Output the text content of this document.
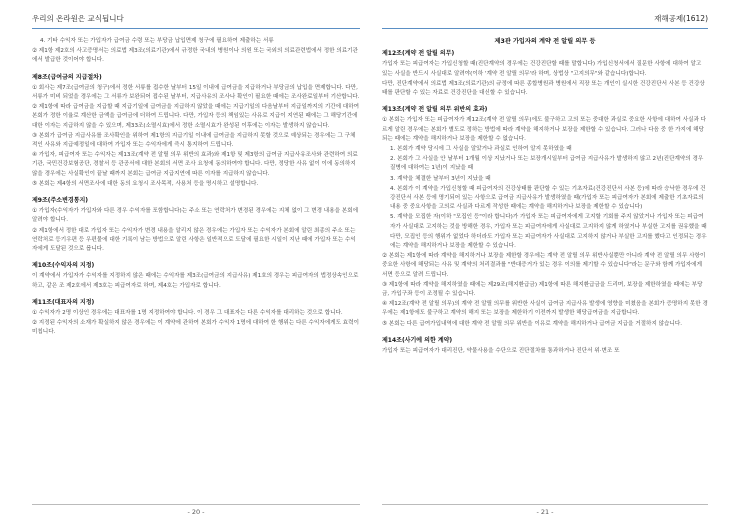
우리의 온라원은 교식됩니다

4. 기타 수익자 또는 가입자가 급여금 수령 또는 부당금 납입면제 청구에 필요하여 제출하는 서류

② 제1항 제2호의 사고증명서는 의료법 제3조(의료기관)에서 규정한 국내의 병원이나 의원 또는 국외의 의료관련법에서 정한 의료기관에서 발급한 것이어야 합니다.

제8조(급여금의 지급절차)

① 회사는 제7조(급여금의 청구)에서 정한 서류를 접수한 날부터 15일 이내에 급여금을 지급하거나 부당금의 납입을 면제합니다. 다만, 서류가 미비 되었을 경우에는 그 서류가 보완되어 접수된 날부터, 지급사유의 조사나 확인이 필요한 때에는 조사완료일부터 기산합니다.

② 제1항에 따라 급여금을 지급할 때 지급기일에 급여금을 지급하지 않았을 때에는 지급기일의 다음날부터 지급일까지의 기간에 대하여 본회가 정한 이율로 계산한 금액을 급여금에 더하여 드립니다. 다만, 가입자 등의 책임있는 사유로 지급이 지연된 때에는 그 해당기간에 대한 이자는 지급하지 않을 수 있으며, 제33조(소멸시효)에서 정한 소멸시효가 완성된 이후에는 이자는 발생하지 않습니다.

③ 본회가 급여금 지급사유를 조사확인을 위하여 제1항의 지급기일 이내에 급여금을 지급하지 못할 것으로 예상되는 경우에는 그 구체적인 사유와 지급예정일에 대하여 가입자 또는 수익자에게 즉시 통지하여 드립니다.

④ 가입자, 피급여자 또는 수익자는 제13조(계약 전 알릴 의무 위반의 효과)와 제1항 및 제3항의 급여금 지급사유조사와 관련하여 의료기관, 국민건강보험공단, 경찰서 등 관공서에 대한 본회의 서면 조사 요청에 동의하여야 합니다. 다만, 정당한 사유 없이 이에 동의하지 않을 경우에는 사실확인이 끝날 때까지 본회는 급여금 지급지연에 따른 이자를 지급하지 않습니다.

⑤ 본회는 제4항의 서면조사에 대한 동의 요청시 조사목적, 사용처 등을 명시하고 설명합니다.

제9조(주소변경통지)

① 가입자(수익자가 가입자와 다른 경우 수익자를 포함합니다)는 주소 또는 연락처가 변경된 경우에는 지체 없이 그 변경 내용을 본회에 알려야 합니다.

② 제1항에서 정한 대로 가입자 또는 수익자가 변경 내용을 알리지 않은 경우에는 가입자 또는 수익자가 본회에 알린 최종의 주소 또는 연락처로 등기우편 등 우편물에 대한 기록이 남는 방법으로 알린 사항은 일반적으로 도달에 필요한 시일이 지난 때에 가입자 또는 수익자에게 도달된 것으로 봅니다.

제10조(수익자의 지정)

이 계약에서 가입자가 수익자를 지정하지 않은 때에는 수익자를 제3조(급여금의 지급사유) 제1호의 경우는 피급여자의 법정상속인으로 하고, 같은 조 제2호에서 제3호는 피급여자로 하며, 제4호는 가입자로 합니다.

제11조(대표자의 지정)

① 수익자가 2명 이상인 경우에는 대표자를 1명 지정하여야 합니다. 이 경우 그 대표자는 다른 수익자를 대리하는 것으로 합니다.

② 지정된 수익자의 소재가 확실하지 않은 경우에는 이 계약에 관하여 본회가 수익자 1명에 대하여 한 행위는 다른 수익자에게도 효력이 미칩니다.

- 20 -
재해공제(1612)
제3관 가입자의 계약 전 알릴 의무 등
제12조(계약 전 알릴 의무)

가입자 또는 피급여자는 가입신청할 때(진단계약의 경우에는 건강진단할 때를 말합니다) 가입신청서에서 질문한 사항에 대하여 알고 있는 사실을 반드시 사실대로 알려야(이하 '계약 전 알릴 의무'라 하며, 상법상 "고지의무"와 같습니다)합니다.

다만, 진단계약에서 의료법 제3조(의료기관)의 규정에 따른 종합병원과 병원에서 직장 또는 개인이 실시한 건강진단서 사본 등 건강상태를 판단할 수 있는 자료로 건강진단을 대신할 수 있습니다.

제13조(계약 전 알릴 의무 위반의 효과)

① 본회는 가입자 또는 피급여자가 제12조(계약 전 알릴 의무)에도 불구하고 고의 또는 중대한 과실로 중요한 사항에 대하여 사실과 다르게 알린 경우에는 본회가 별도로 정하는 방법에 따라 계약을 해지하거나 보장을 제한할 수 있습니다. 그러나 다음 중 한 가지에 해당되는 때에는 계약을 해지하거나 보장을 제한할 수 없습니다.

1. 본회가 계약 당시에 그 사실을 알았거나 과실로 인하여 알지 못하였을 때

2. 본회가 그 사실을 안 날부터 1개월 이상 지났거나 또는 보장개시일부터 급여금 지급사유가 발생하지 않고 2년(진단계약의 경우 질병에 대하여는 1년)이 지났을 때

3. 계약을 체결한 날부터 3년이 지났을 때

4. 본회가 이 계약을 가입신청할 때 피급여자의 건강상태를 판단할 수 있는 기초자료(건강진단서 사본 등)에 따라 승낙한 경우에 건강진단서 사본 등에 명기되어 있는 사항으로 급여금 지급사유가 발생하였을 때(가입자 또는 피급여자가 본회에 제출한 기초자료의 내용 중 중요사항을 고의로 사실과 다르게 작성한 때에는 계약을 해지하거나 보장을 제한할 수 있습니다)

5. 계약을 모집한 자(이하 "모집인 등"이라 합니다)가 가입자 또는 피급여자에게 고지할 기회를 주지 않았거나 가입자 또는 피급여자가 사실대로 고지하는 것을 방해한 경우, 가입자 또는 피급여자에게 사실대로 고지하지 않게 하였거나 부실한 고지를 권유했을 때

다만, 모집인 등의 행위가 없었다 하더라도 가입자 또는 피급여자가 사실대로 고지하지 않거나 부실한 고지를 했다고 인정되는 경우에는 계약을 해지하거나 보장을 제한할 수 있습니다.

② 본회는 제1항에 따라 계약을 해지하거나 보장을 제한할 경우에는 계약 전 알릴 의무 위반사실뿐만 아니라 계약 전 알릴 의무 사항이 중요한 사항에 해당되는 사유 및 계약의 처리결과를 "반대증거가 있는 경우 이의를 제기할 수 있습니다"라는 문구와 함께 가입자에게 서면 등으로 알려 드립니다.

③ 제1항에 따라 계약을 해지하였을 때에는 제29조(해지환급금) 제1항에 따른 해지환급금을 드리며, 보장을 제한하였을 때에는 부당금, 가입구좌 등이 조정될 수 있습니다.

④ 제12조(계약 전 알릴 의무)의 계약 전 알릴 의무를 위반한 사실이 급여금 지급사유 발생에 영향을 미쳤음을 본회가 증명하지 못한 경우에는 제1항에도 불구하고 계약의 해지 또는 보장을 제한하기 이전까지 발생한 해당급여금을 지급합니다.

⑤ 본회는 다른 급여가입내역에 대한 계약 전 알릴 의무 위반을 이유로 계약을 해지하거나 급여금 지급을 거절하지 않습니다.

제14조(사기에 의한 계약)

가입자 또는 피급여자가 대리진단, 약물사용을 수단으로 진단절차를 통과하거나 진단서 위·변조 또

- 21 -
